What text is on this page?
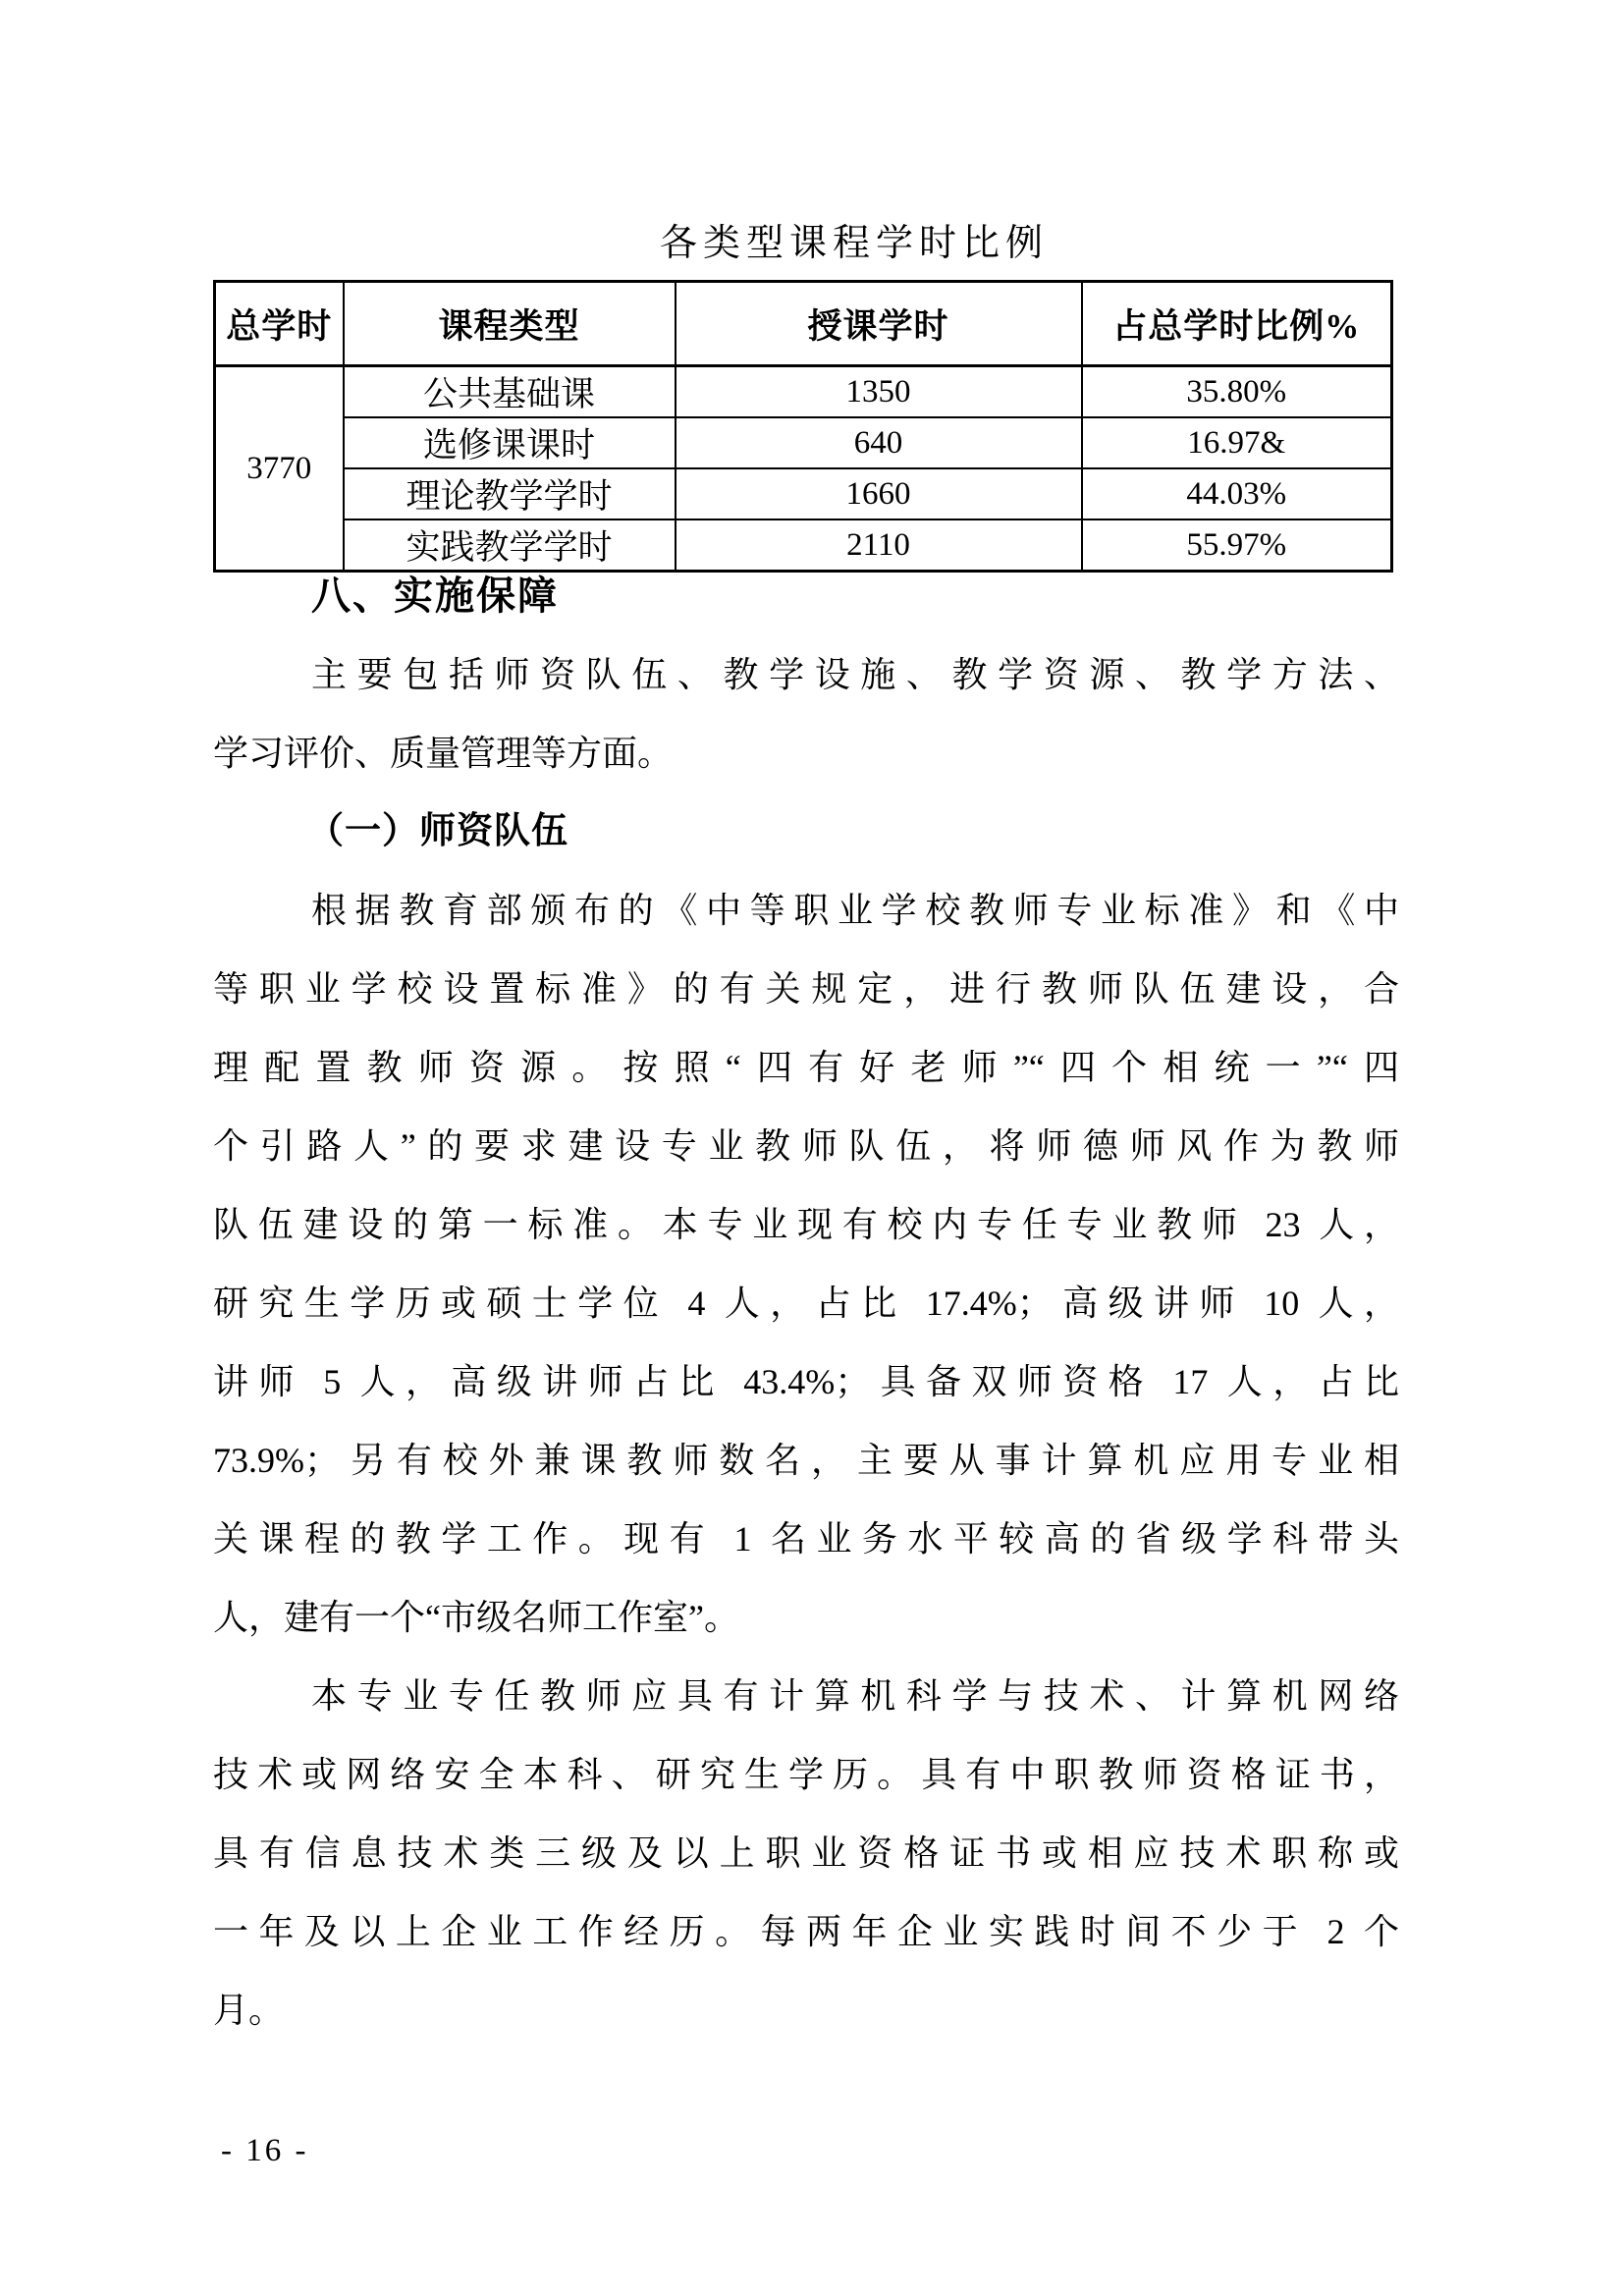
各类型课程学时比例
总学时	课程类型	授课学时	占总学时比例%
3770	公共基础课	1350	35.80%
	选修课课时	640	16.97&
	理论教学学时	1660	44.03%
	实践教学学时	2110	55.97%
八、实施保障
主要包括师资队伍、教学设施、教学资源、教学方法、
学习评价、质量管理等方面。
（一）师资队伍
根据教育部颁布的《中等职业学校教师专业标准》和《中
等职业学校设置标准》的有关规定，进行教师队伍建设，合
理配置教师资源。按照“四有好老师”“四个相统一”“四
个引路人”的要求建设专业教师队伍，将师德师风作为教师
队伍建设的第一标准。本专业现有校内专任专业教师 23 人，
研究生学历或硕士学位 4 人，占比 17.4%；高级讲师 10 人，
讲师 5 人，高级讲师占比 43.4%；具备双师资格 17 人，占比
73.9%；另有校外兼课教师数名，主要从事计算机应用专业相
关课程的教学工作。现有 1 名业务水平较高的省级学科带头
人，建有一个“市级名师工作室”。
本专业专任教师应具有计算机科学与技术、计算机网络
技术或网络安全本科、研究生学历。具有中职教师资格证书，
具有信息技术类三级及以上职业资格证书或相应技术职称或
一年及以上企业工作经历。每两年企业实践时间不少于 2 个
月。
- 16 -
